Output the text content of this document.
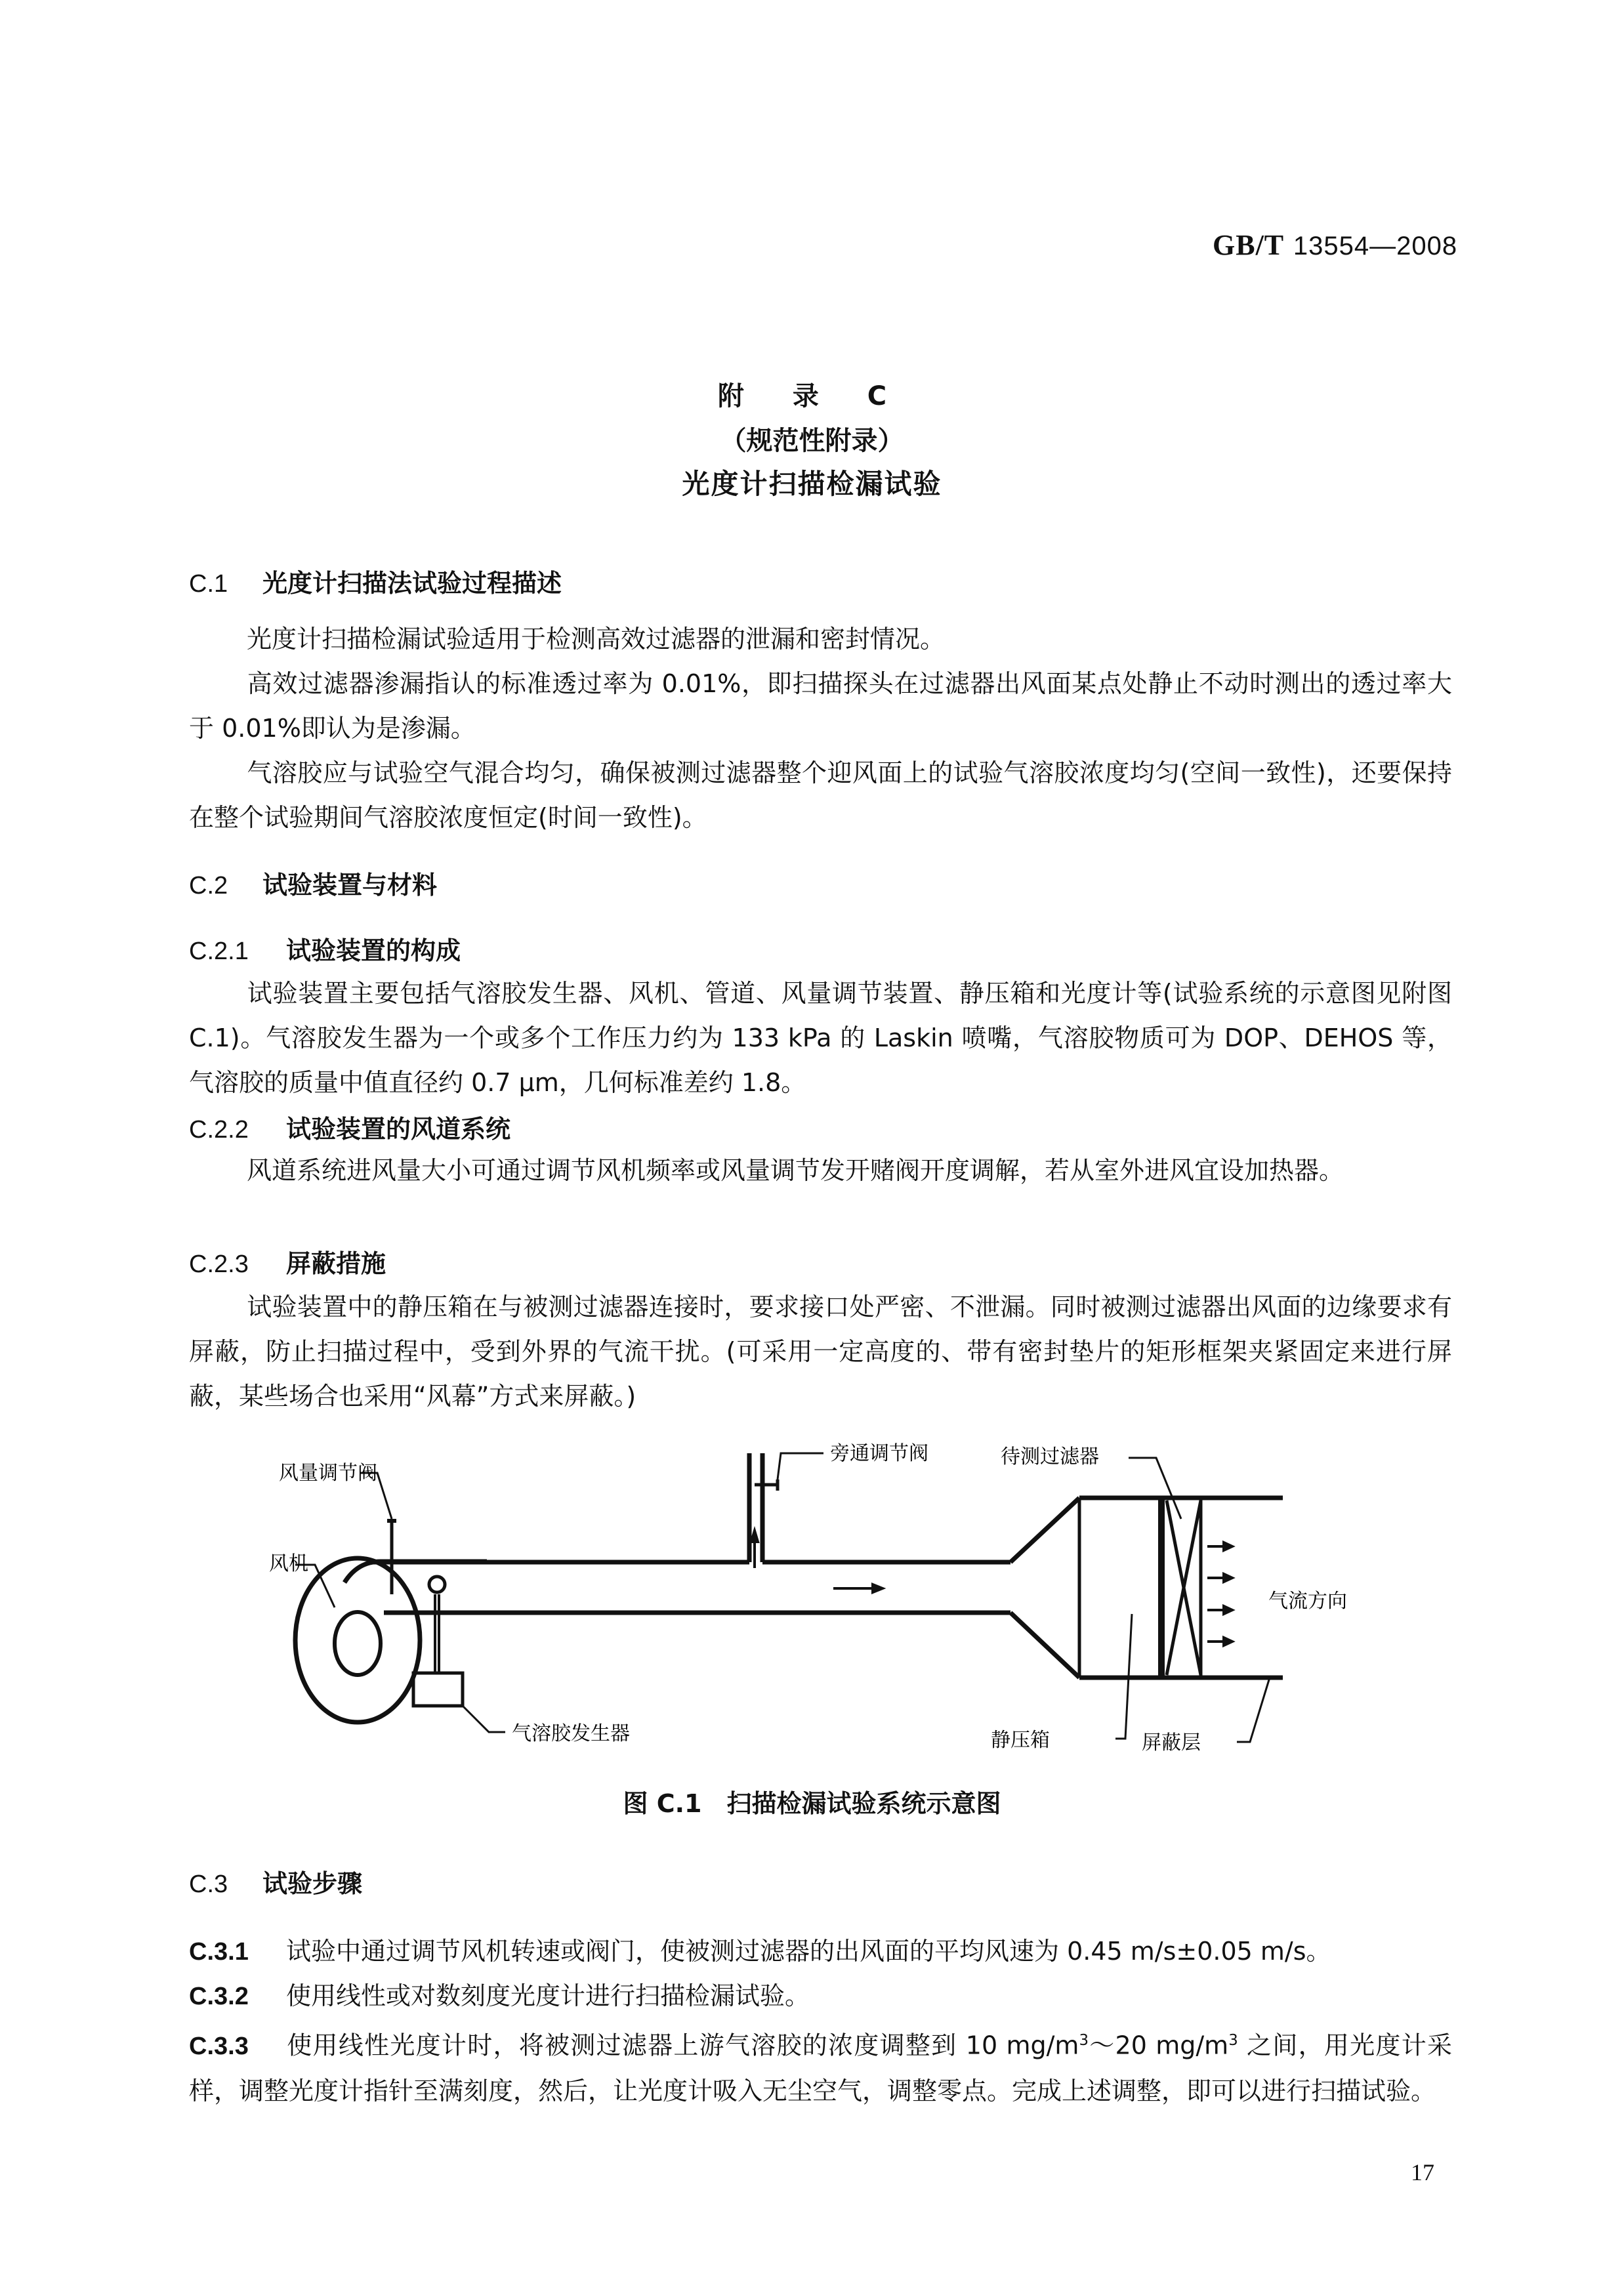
GB/T 13554—2008
附 录 C
（规范性附录）
光度计扫描检漏试验
C.1 光度计扫描法试验过程描述
光度计扫描检漏试验适用于检测高效过滤器的泄漏和密封情况。
高效过滤器渗漏指认的标准透过率为 0.01%，即扫描探头在过滤器出风面某点处静止不动时测出的透过率大于 0.01%即认为是渗漏。
气溶胶应与试验空气混合均匀，确保被测过滤器整个迎风面上的试验气溶胶浓度均匀(空间一致性)，还要保持在整个试验期间气溶胶浓度恒定(时间一致性)。
C.2 试验装置与材料
C.2.1 试验装置的构成
试验装置主要包括气溶胶发生器、风机、管道、风量调节装置、静压箱和光度计等(试验系统的示意图见附图 C.1)。气溶胶发生器为一个或多个工作压力约为 133 kPa 的 Laskin 喷嘴，气溶胶物质可为 DOP、DEHOS 等，气溶胶的质量中值直径约 0.7 μm，几何标准差约 1.8。
C.2.2 试验装置的风道系统
风道系统进风量大小可通过调节风机频率或风量调节发开赌阀开度调解，若从室外进风宜设加热器。
C.2.3 屏蔽措施
试验装置中的静压箱在与被测过滤器连接时，要求接口处严密、不泄漏。同时被测过滤器出风面的边缘要求有屏蔽，防止扫描过程中，受到外界的气流干扰。(可采用一定高度的、带有密封垫片的矩形框架夹紧固定来进行屏蔽，某些场合也采用“风幕”方式来屏蔽。)
风量调节阀
旁通调节阀	待测过滤器
风机
气流方向
气溶胶发生器	静压箱	屏蔽层
图 C.1　扫描检漏试验系统示意图
C.3 试验步骤
C.3.1 试验中通过调节风机转速或阀门，使被测过滤器的出风面的平均风速为 0.45 m/s±0.05 m/s。
C.3.2 使用线性或对数刻度光度计进行扫描检漏试验。
C.3.3 使用线性光度计时，将被测过滤器上游气溶胶的浓度调整到 10 $mg/m^3\sim 20$ $mg/m^3$ 之间，用光度计采样，调整光度计指针至满刻度，然后，让光度计吸入无尘空气，调整零点。完成上述调整，即可以进行扫描试验。
17
